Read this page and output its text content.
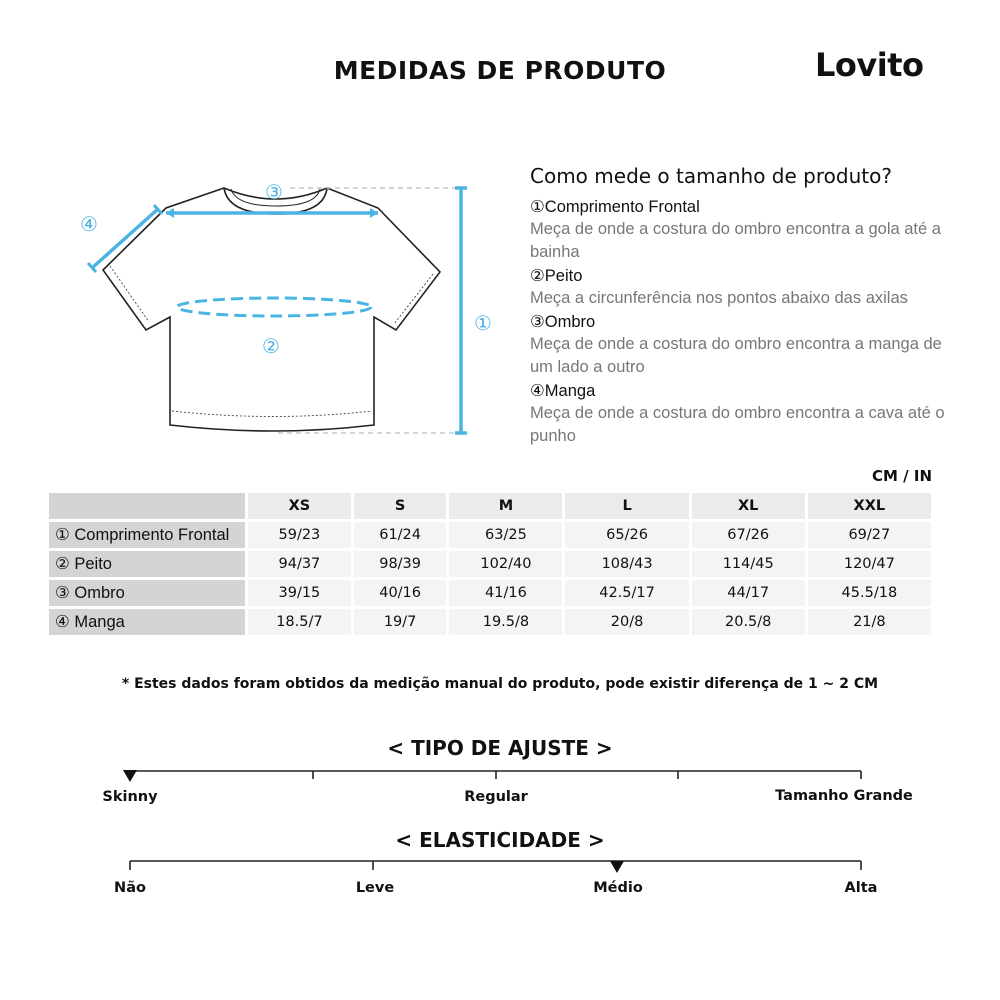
MEDIDAS DE PRODUTO	Lovito
①
②
③
④
Como mede o tamanho de produto?
①Comprimento Frontal
Meça de onde a costura do ombro encontra a gola até a bainha
②Peito
Meça a circunferência nos pontos abaixo das axilas
③Ombro
Meça de onde a costura do ombro encontra a manga de um lado a outro
④Manga
Meça de onde a costura do ombro encontra a cava até o punho
CM / IN
	XS	S	M	L	XL	XXL
① Comprimento Frontal	59/23	61/24	63/25	65/26	67/26	69/27
② Peito	94/37	98/39	102/40	108/43	114/45	120/47
③ Ombro	39/15	40/16	41/16	42.5/17	44/17	45.5/18
④ Manga	18.5/7	19/7	19.5/8	20/8	20.5/8	21/8
* Estes dados foram obtidos da medição manual do produto, pode existir diferença de 1 ~ 2 CM
< TIPO DE AJUSTE >
Skinny	Regular	Tamanho Grande
< ELASTICIDADE >
Não	Leve	Médio	Alta
